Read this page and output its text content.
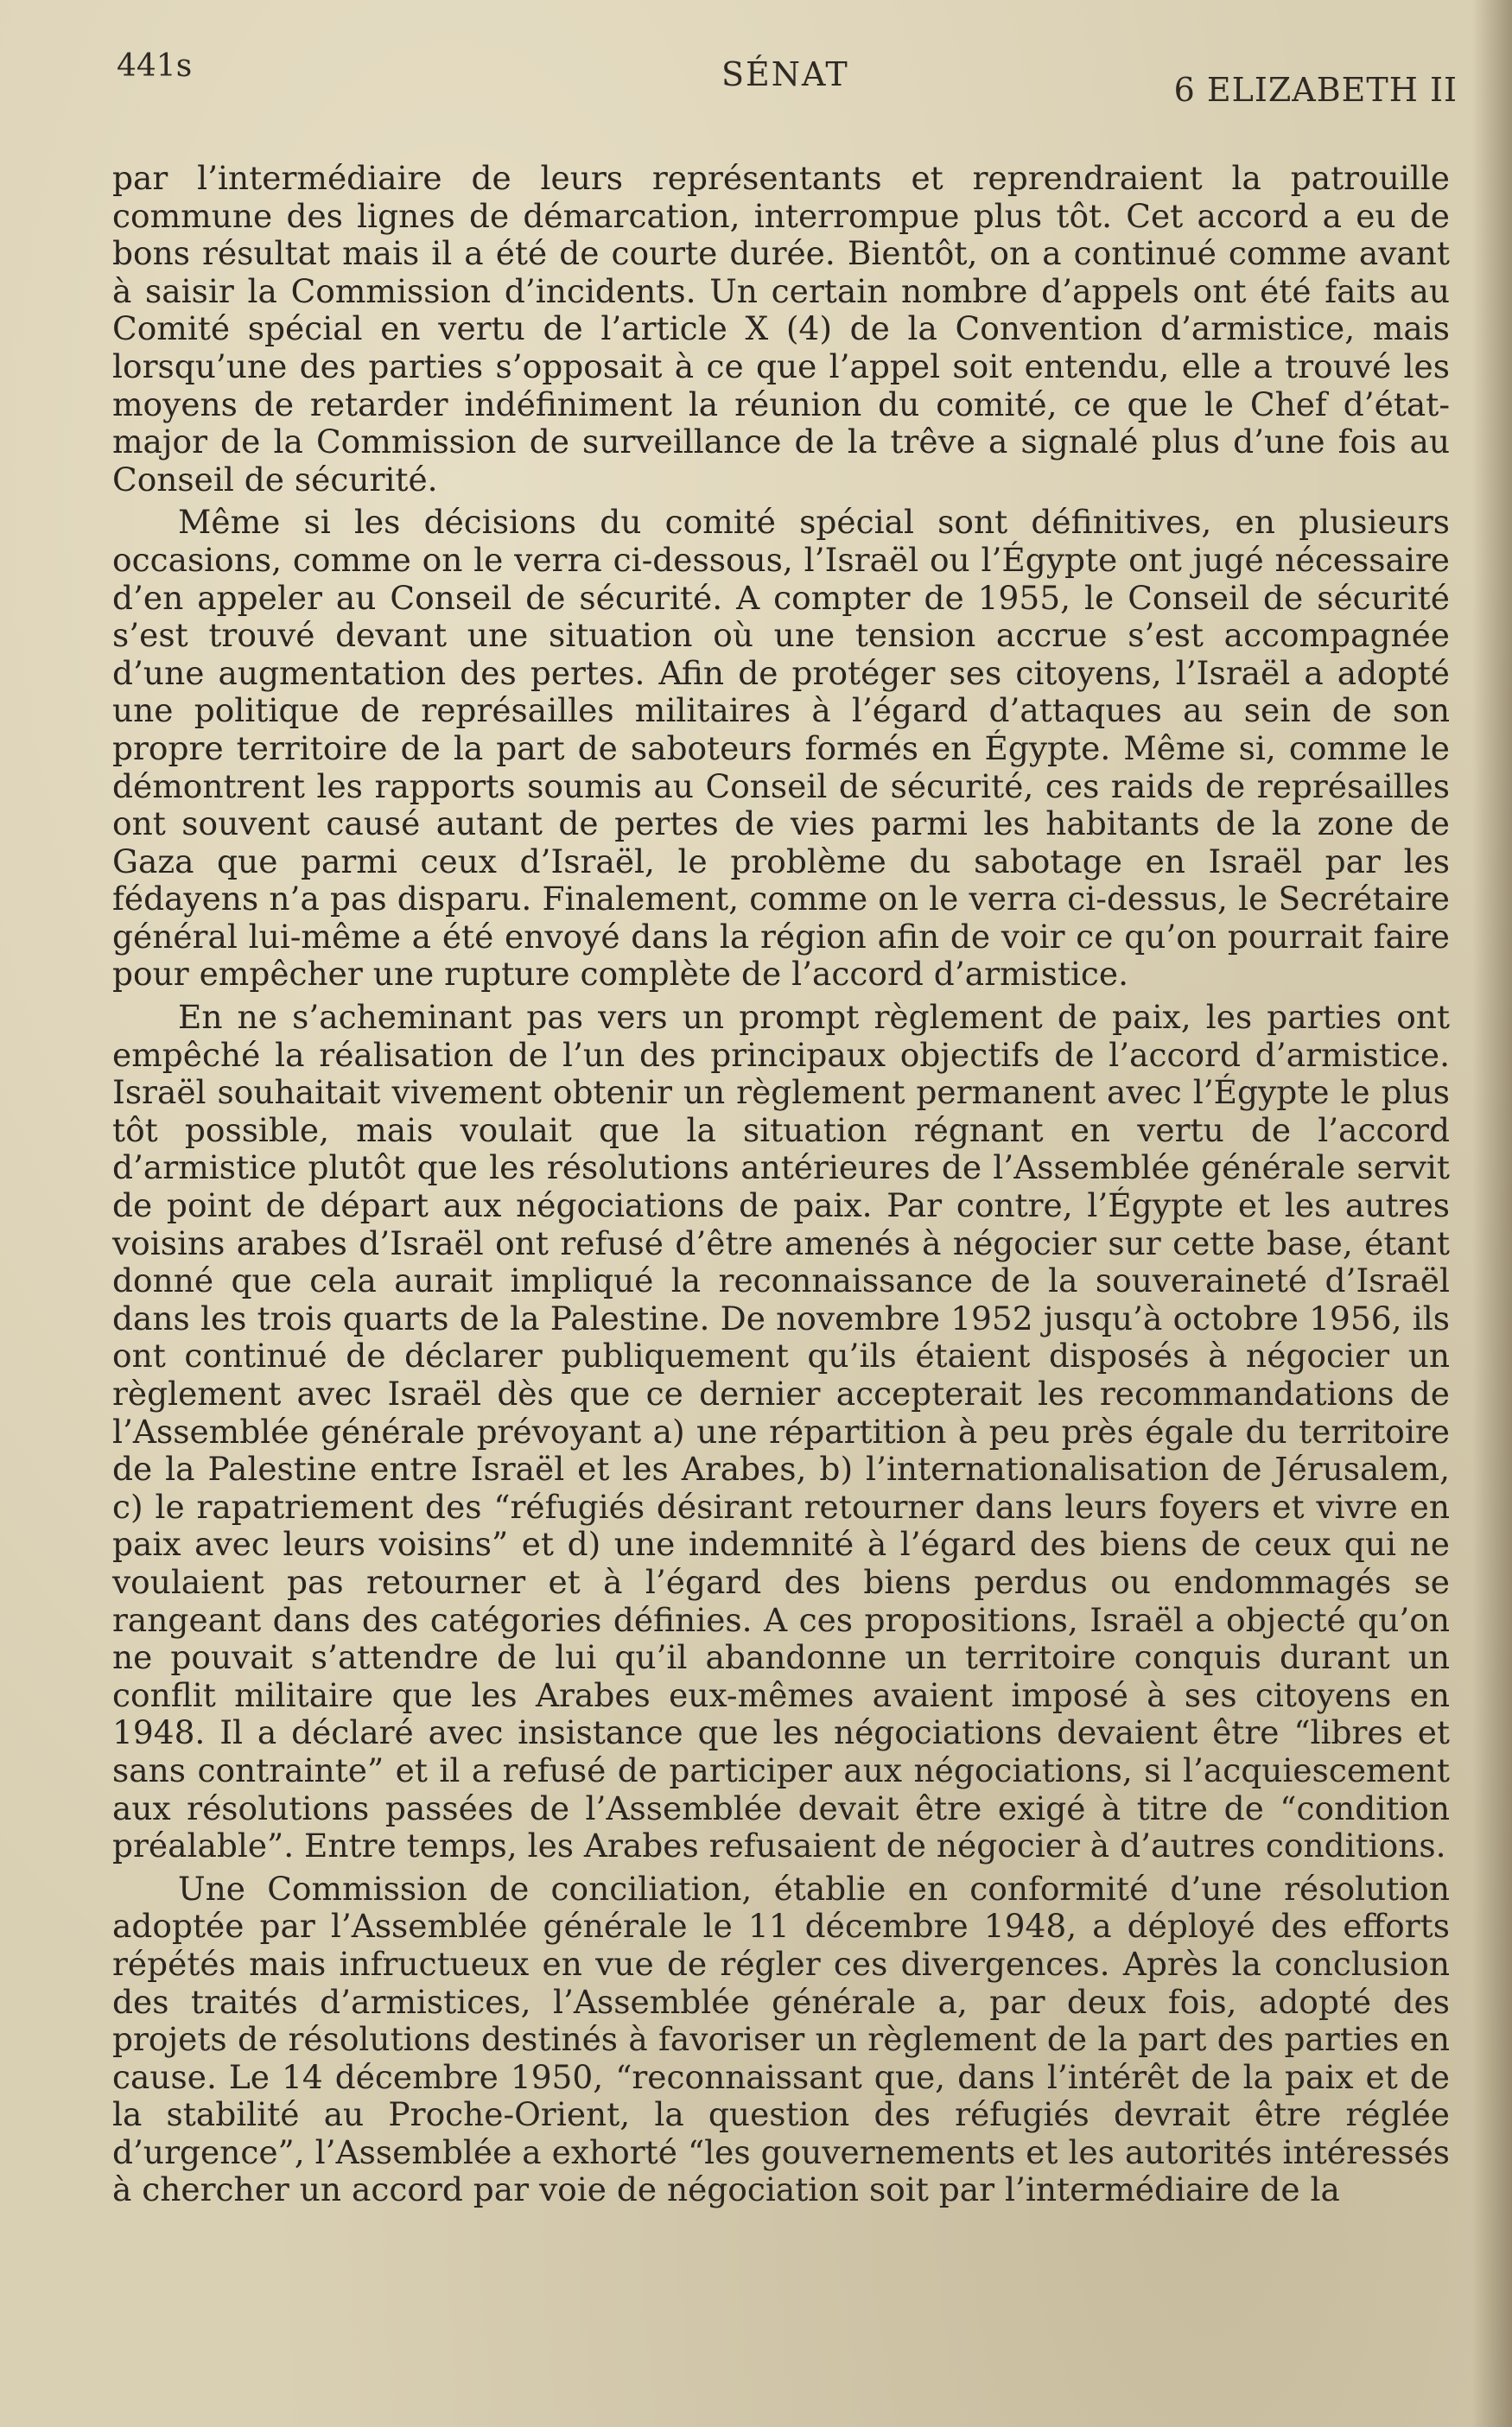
441s	SÉNAT	6 ELIZABETH II

par l’intermédiaire de leurs représentants et reprendraient la patrouille commune des lignes de démarcation, interrompue plus tôt. Cet accord a eu de bons résultat mais il a été de courte durée. Bientôt, on a continué comme avant à saisir la Commission d’incidents. Un certain nombre d’appels ont été faits au Comité spécial en vertu de l’article X (4) de la Convention d’armistice, mais lorsqu’une des parties s’opposait à ce que l’appel soit entendu, elle a trouvé les moyens de retarder indéfiniment la réunion du comité, ce que le Chef d’état-major de la Commission de surveillance de la trêve a signalé plus d’une fois au Conseil de sécurité.

Même si les décisions du comité spécial sont définitives, en plusieurs occasions, comme on le verra ci-dessous, l’Israël ou l’Égypte ont jugé nécessaire d’en appeler au Conseil de sécurité. A compter de 1955, le Conseil de sécurité s’est trouvé devant une situation où une tension accrue s’est accompagnée d’une augmentation des pertes. Afin de protéger ses citoyens, l’Israël a adopté une politique de représailles militaires à l’égard d’attaques au sein de son propre territoire de la part de saboteurs formés en Égypte. Même si, comme le démontrent les rapports soumis au Conseil de sécurité, ces raids de représailles ont souvent causé autant de pertes de vies parmi les habitants de la zone de Gaza que parmi ceux d’Israël, le problème du sabotage en Israël par les fédayens n’a pas disparu. Finalement, comme on le verra ci-dessus, le Secrétaire général lui-même a été envoyé dans la région afin de voir ce qu’on pourrait faire pour empêcher une rupture complète de l’accord d’armistice.

En ne s’acheminant pas vers un prompt règlement de paix, les parties ont empêché la réalisation de l’un des principaux objectifs de l’accord d’armistice. Israël souhaitait vivement obtenir un règlement permanent avec l’Égypte le plus tôt possible, mais voulait que la situation régnant en vertu de l’accord d’armistice plutôt que les résolutions antérieures de l’Assemblée générale servit de point de départ aux négociations de paix. Par contre, l’Égypte et les autres voisins arabes d’Israël ont refusé d’être amenés à négocier sur cette base, étant donné que cela aurait impliqué la reconnaissance de la souveraineté d’Israël dans les trois quarts de la Palestine. De novembre 1952 jusqu’à octobre 1956, ils ont continué de déclarer publiquement qu’ils étaient disposés à négocier un règlement avec Israël dès que ce dernier accepterait les recommandations de l’Assemblée générale prévoyant a) une répartition à peu près égale du territoire de la Palestine entre Israël et les Arabes, b) l’internationalisation de Jérusalem, c) le rapatriement des “réfugiés désirant retourner dans leurs foyers et vivre en paix avec leurs voisins” et d) une indemnité à l’égard des biens de ceux qui ne voulaient pas retourner et à l’égard des biens perdus ou endommagés se rangeant dans des catégories définies. A ces propositions, Israël a objecté qu’on ne pouvait s’attendre de lui qu’il abandonne un territoire conquis durant un conflit militaire que les Arabes eux-mêmes avaient imposé à ses citoyens en 1948. Il a déclaré avec insistance que les négociations devaient être “libres et sans contrainte” et il a refusé de participer aux négociations, si l’acquiescement aux résolutions passées de l’Assemblée devait être exigé à titre de “condition préalable”. Entre temps, les Arabes refusaient de négocier à d’autres conditions.

Une Commission de conciliation, établie en conformité d’une résolution adoptée par l’Assemblée générale le 11 décembre 1948, a déployé des efforts répétés mais infructueux en vue de régler ces divergences. Après la conclusion des traités d’armistices, l’Assemblée générale a, par deux fois, adopté des projets de résolutions destinés à favoriser un règlement de la part des parties en cause. Le 14 décembre 1950, “reconnaissant que, dans l’intérêt de la paix et de la stabilité au Proche-Orient, la question des réfugiés devrait être réglée d’urgence”, l’Assemblée a exhorté “les gouvernements et les autorités intéressés à chercher un accord par voie de négociation soit par l’intermédiaire de la
